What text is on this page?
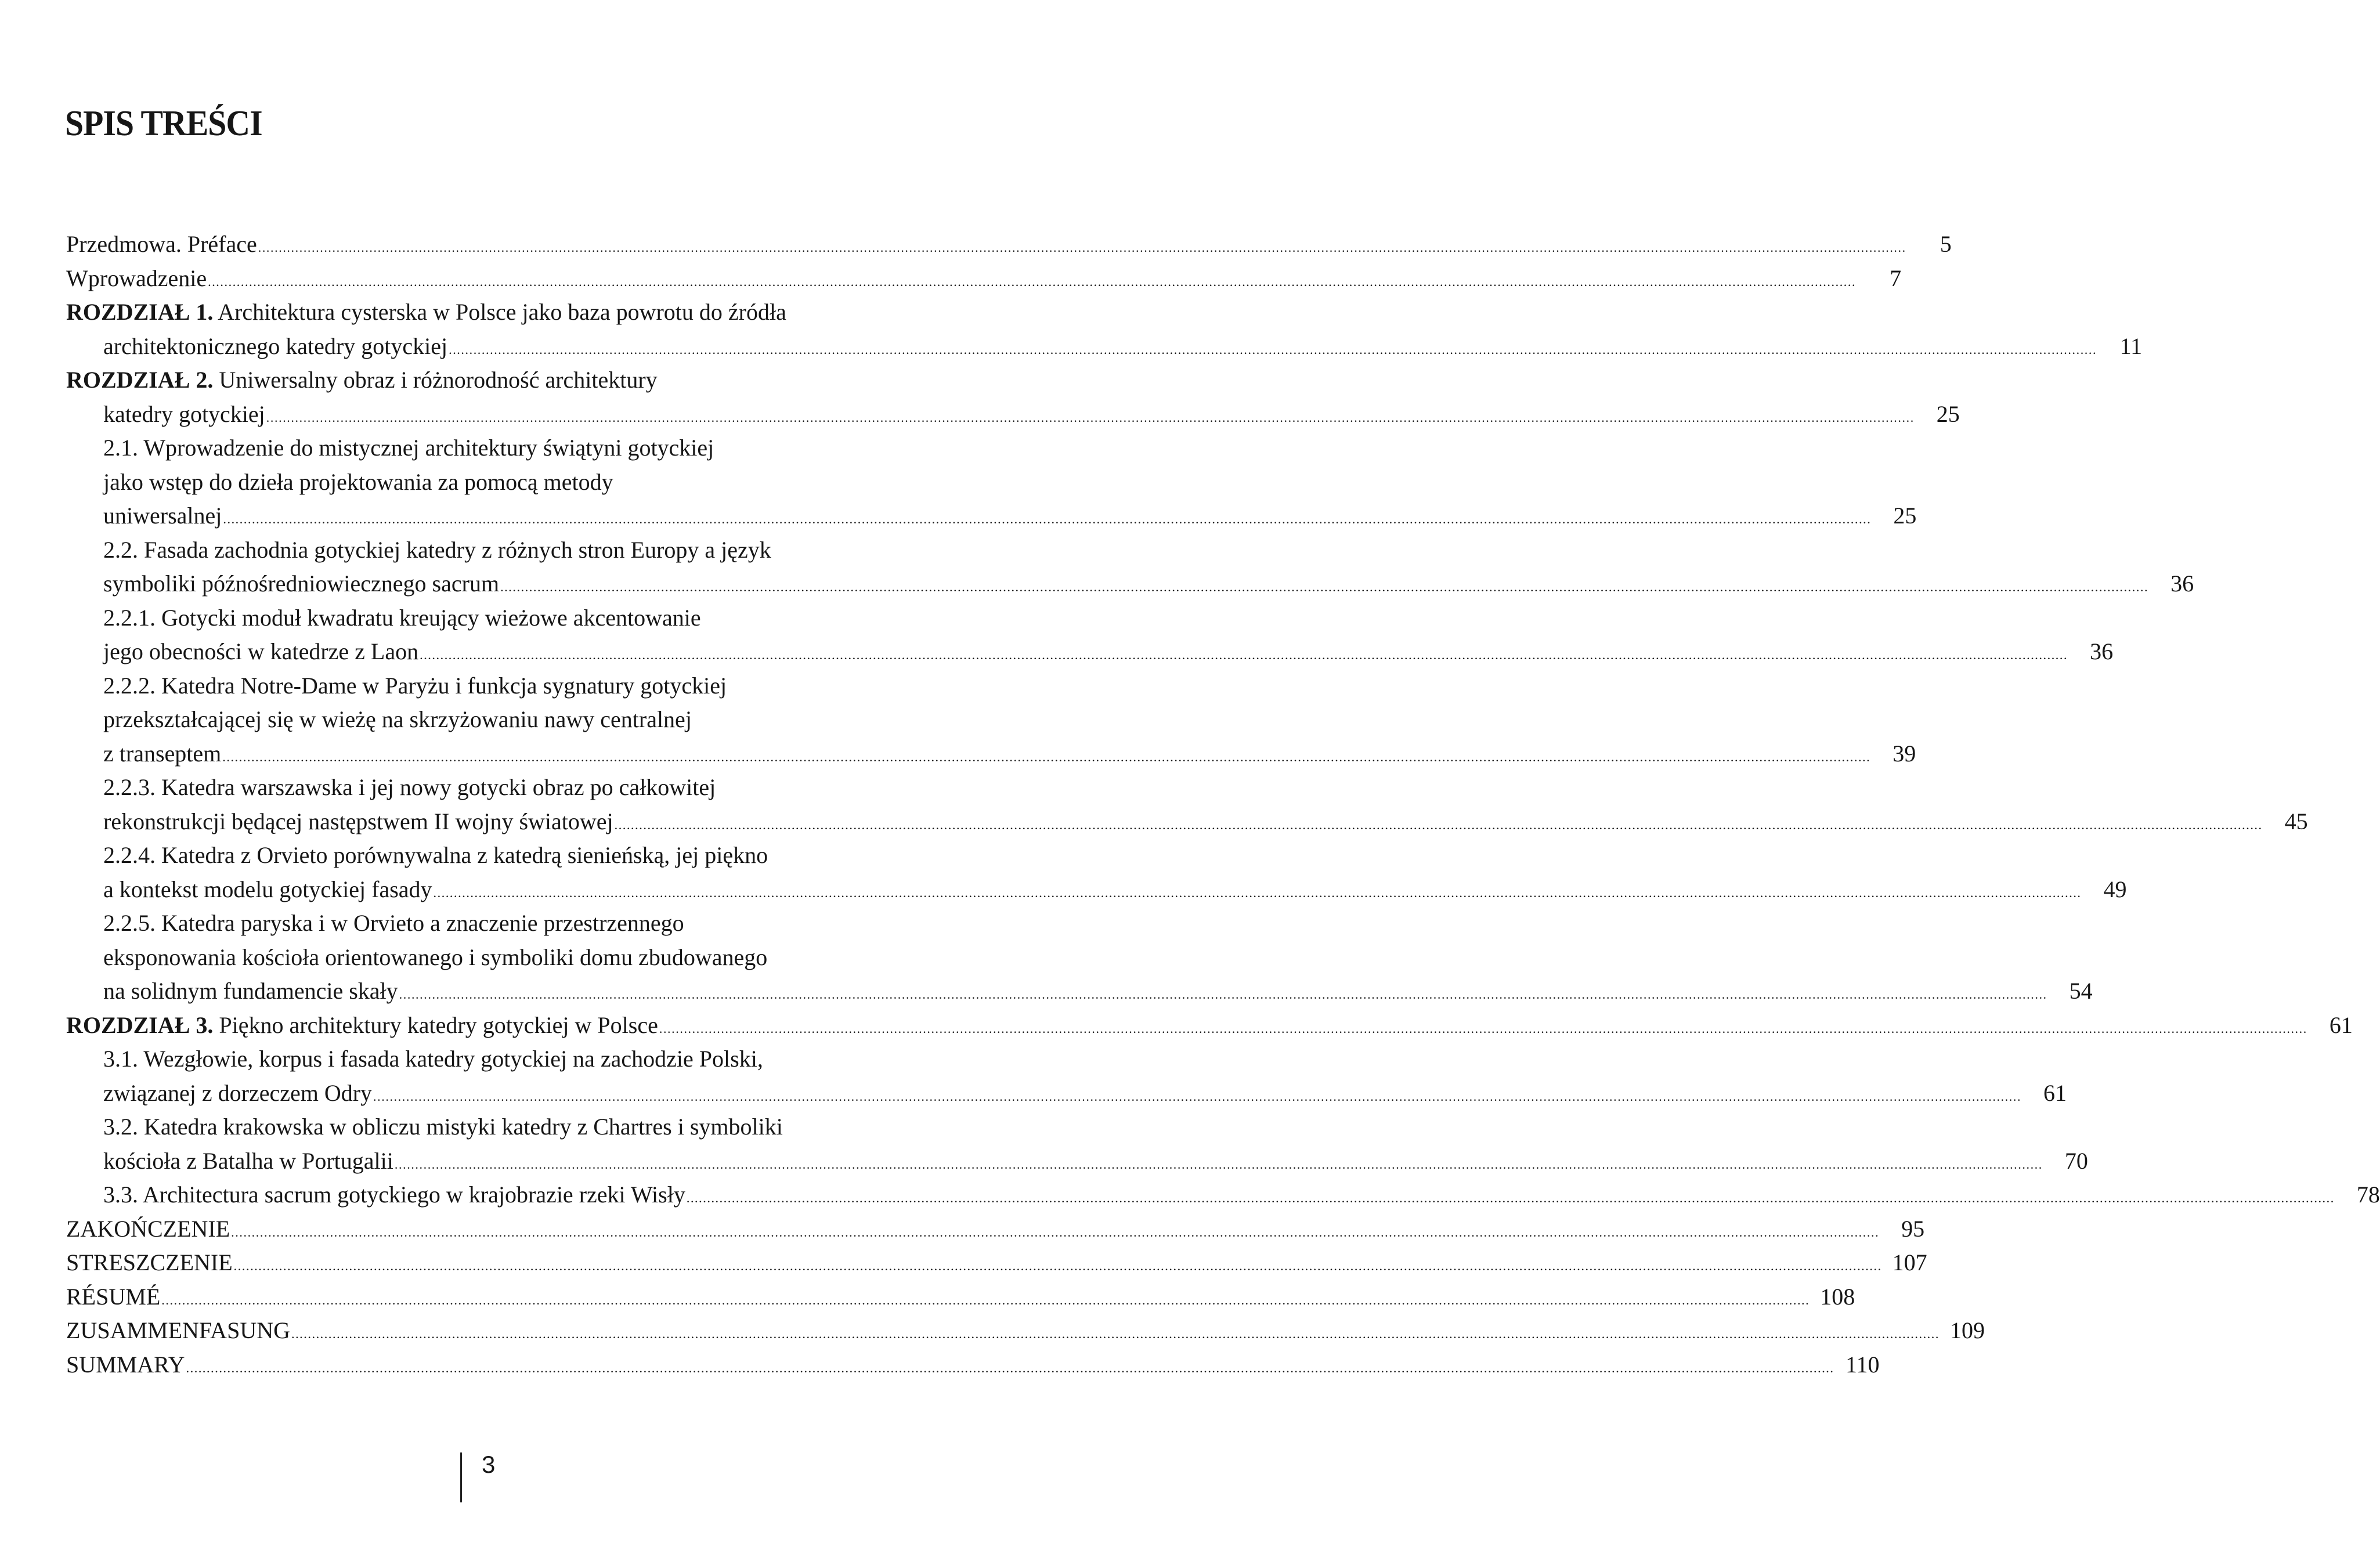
SPIS TREŚCI
Przedmowa. Préface ................................................................................................................................................................................................................................................................................................................................................................................................................	5
Wprowadzenie ................................................................................................................................................................................................................................................................................................................................................................................................................	7
ROZDZIAŁ 1. Architektura cysterska w Polsce jako baza powrotu do źródła
architektonicznego katedry gotyckiej ................................................................................................................................................................................................................................................................................................................................................................................................................ 11
ROZDZIAŁ 2. Uniwersalny obraz i różnorodność architektury
katedry gotyckiej ................................................................................................................................................................................................................................................................................................................................................................................................................ 25
2.1. Wprowadzenie do mistycznej architektury świątyni gotyckiej
jako wstęp do dzieła projektowania za pomocą metody
uniwersalnej ................................................................................................................................................................................................................................................................................................................................................................................................................ 25
2.2. Fasada zachodnia gotyckiej katedry z różnych stron Europy a język
symboliki późnośredniowiecznego sacrum ................................................................................................................................................................................................................................................................................................................................................................................................................ 36
2.2.1. Gotycki moduł kwadratu kreujący wieżowe akcentowanie
jego obecności w katedrze z Laon ................................................................................................................................................................................................................................................................................................................................................................................................................ 36
2.2.2. Katedra Notre-Dame w Paryżu i funkcja sygnatury gotyckiej
przekształcającej się w wieżę na skrzyżowaniu nawy centralnej
z transeptem ................................................................................................................................................................................................................................................................................................................................................................................................................ 39
2.2.3. Katedra warszawska i jej nowy gotycki obraz po całkowitej
rekonstrukcji będącej następstwem II wojny światowej ................................................................................................................................................................................................................................................................................................................................................................................................................ 45
2.2.4. Katedra z Orvieto porównywalna z katedrą sienieńską, jej piękno
a kontekst modelu gotyckiej fasady ................................................................................................................................................................................................................................................................................................................................................................................................................ 49
2.2.5. Katedra paryska i w Orvieto a znaczenie przestrzennego
eksponowania kościoła orientowanego i symboliki domu zbudowanego
na solidnym fundamencie skały ................................................................................................................................................................................................................................................................................................................................................................................................................ 54
ROZDZIAŁ 3. Piękno architektury katedry gotyckiej w Polsce ................................................................................................................................................................................................................................................................................................................................................................................................................ 61
3.1. Wezgłowie, korpus i fasada katedry gotyckiej na zachodzie Polski,
związanej z dorzeczem Odry ................................................................................................................................................................................................................................................................................................................................................................................................................ 61
3.2. Katedra krakowska w obliczu mistyki katedry z Chartres i symboliki
kościoła z Batalha w Portugalii ................................................................................................................................................................................................................................................................................................................................................................................................................ 70
3.3. Architectura sacrum gotyckiego w krajobrazie rzeki Wisły ................................................................................................................................................................................................................................................................................................................................................................................................................ 78
ZAKOŃCZENIE ................................................................................................................................................................................................................................................................................................................................................................................................................ 95
STRESZCZENIE ................................................................................................................................................................................................................................................................................................................................................................................................................ 107
RÉSUMÉ ................................................................................................................................................................................................................................................................................................................................................................................................................ 108
ZUSAMMENFASUNG ................................................................................................................................................................................................................................................................................................................................................................................................................ 109
SUMMARY ................................................................................................................................................................................................................................................................................................................................................................................................................ 110
3
